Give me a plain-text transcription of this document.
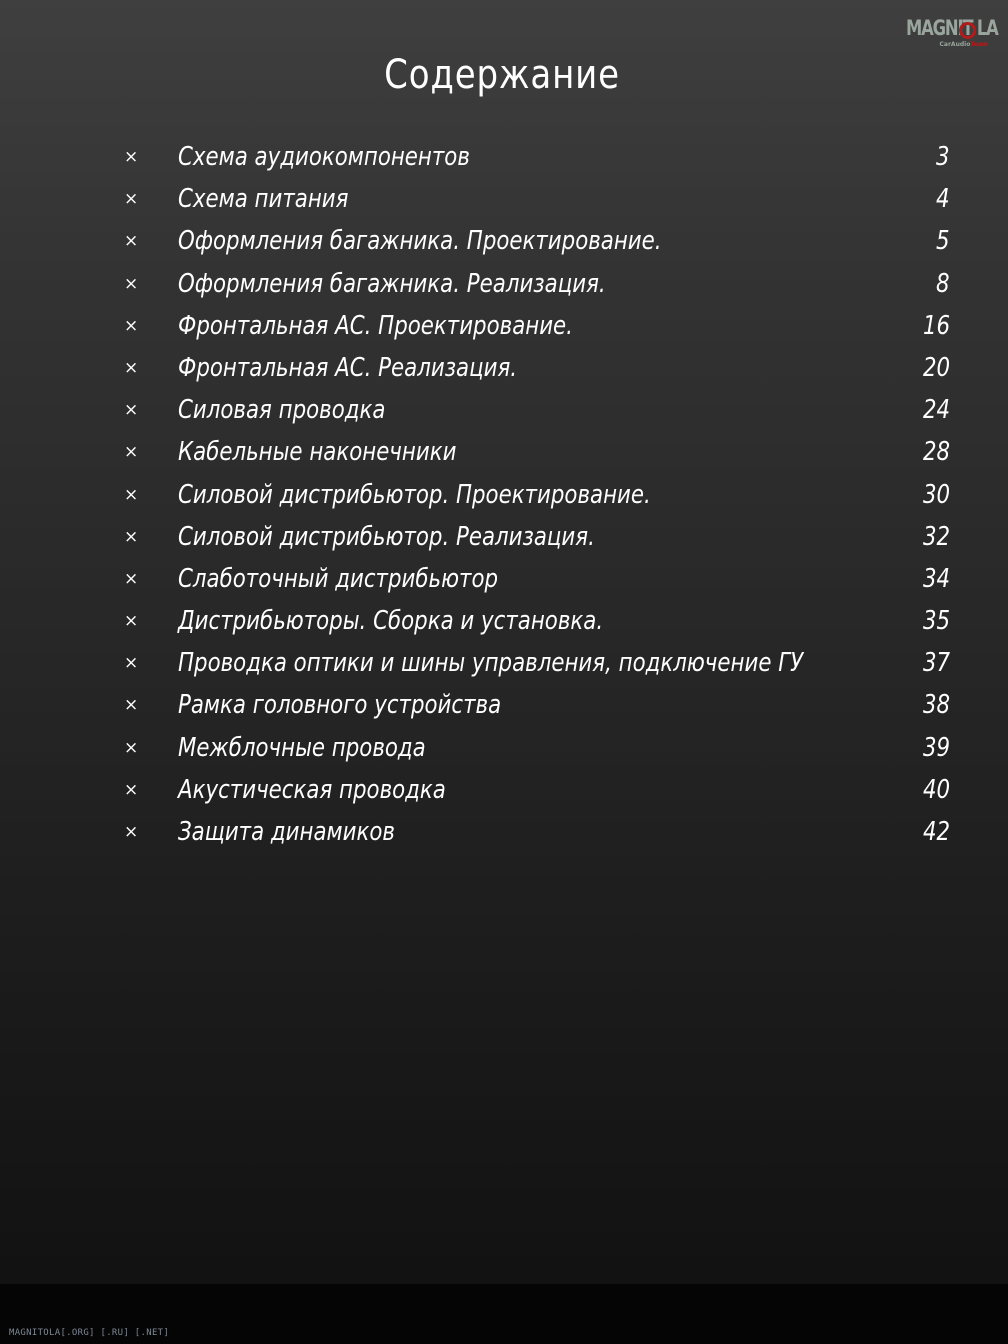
MAGNIT LA
CarAudioTeam
Содержание
× Схема аудиокомпонентов	3
× Схема питания	4
× Оформления багажника. Проектирование.	5
× Оформления багажника. Реализация.	8
× Фронтальная АС. Проектирование.	16
× Фронтальная АС. Реализация.	20
× Силовая проводка	24
× Кабельные наконечники	28
× Силовой дистрибьютор. Проектирование.	30
× Силовой дистрибьютор. Реализация.	32
× Слаботочный дистрибьютор	34
× Дистрибьюторы. Сборка и установка.	35
× Проводка оптики и шины управления, подключение ГУ	37
× Рамка головного устройства	38
× Межблочные провода	39
× Акустическая проводка	40
× Защита динамиков	42
MAGNITOLA[.ORG] [.RU] [.NET]
